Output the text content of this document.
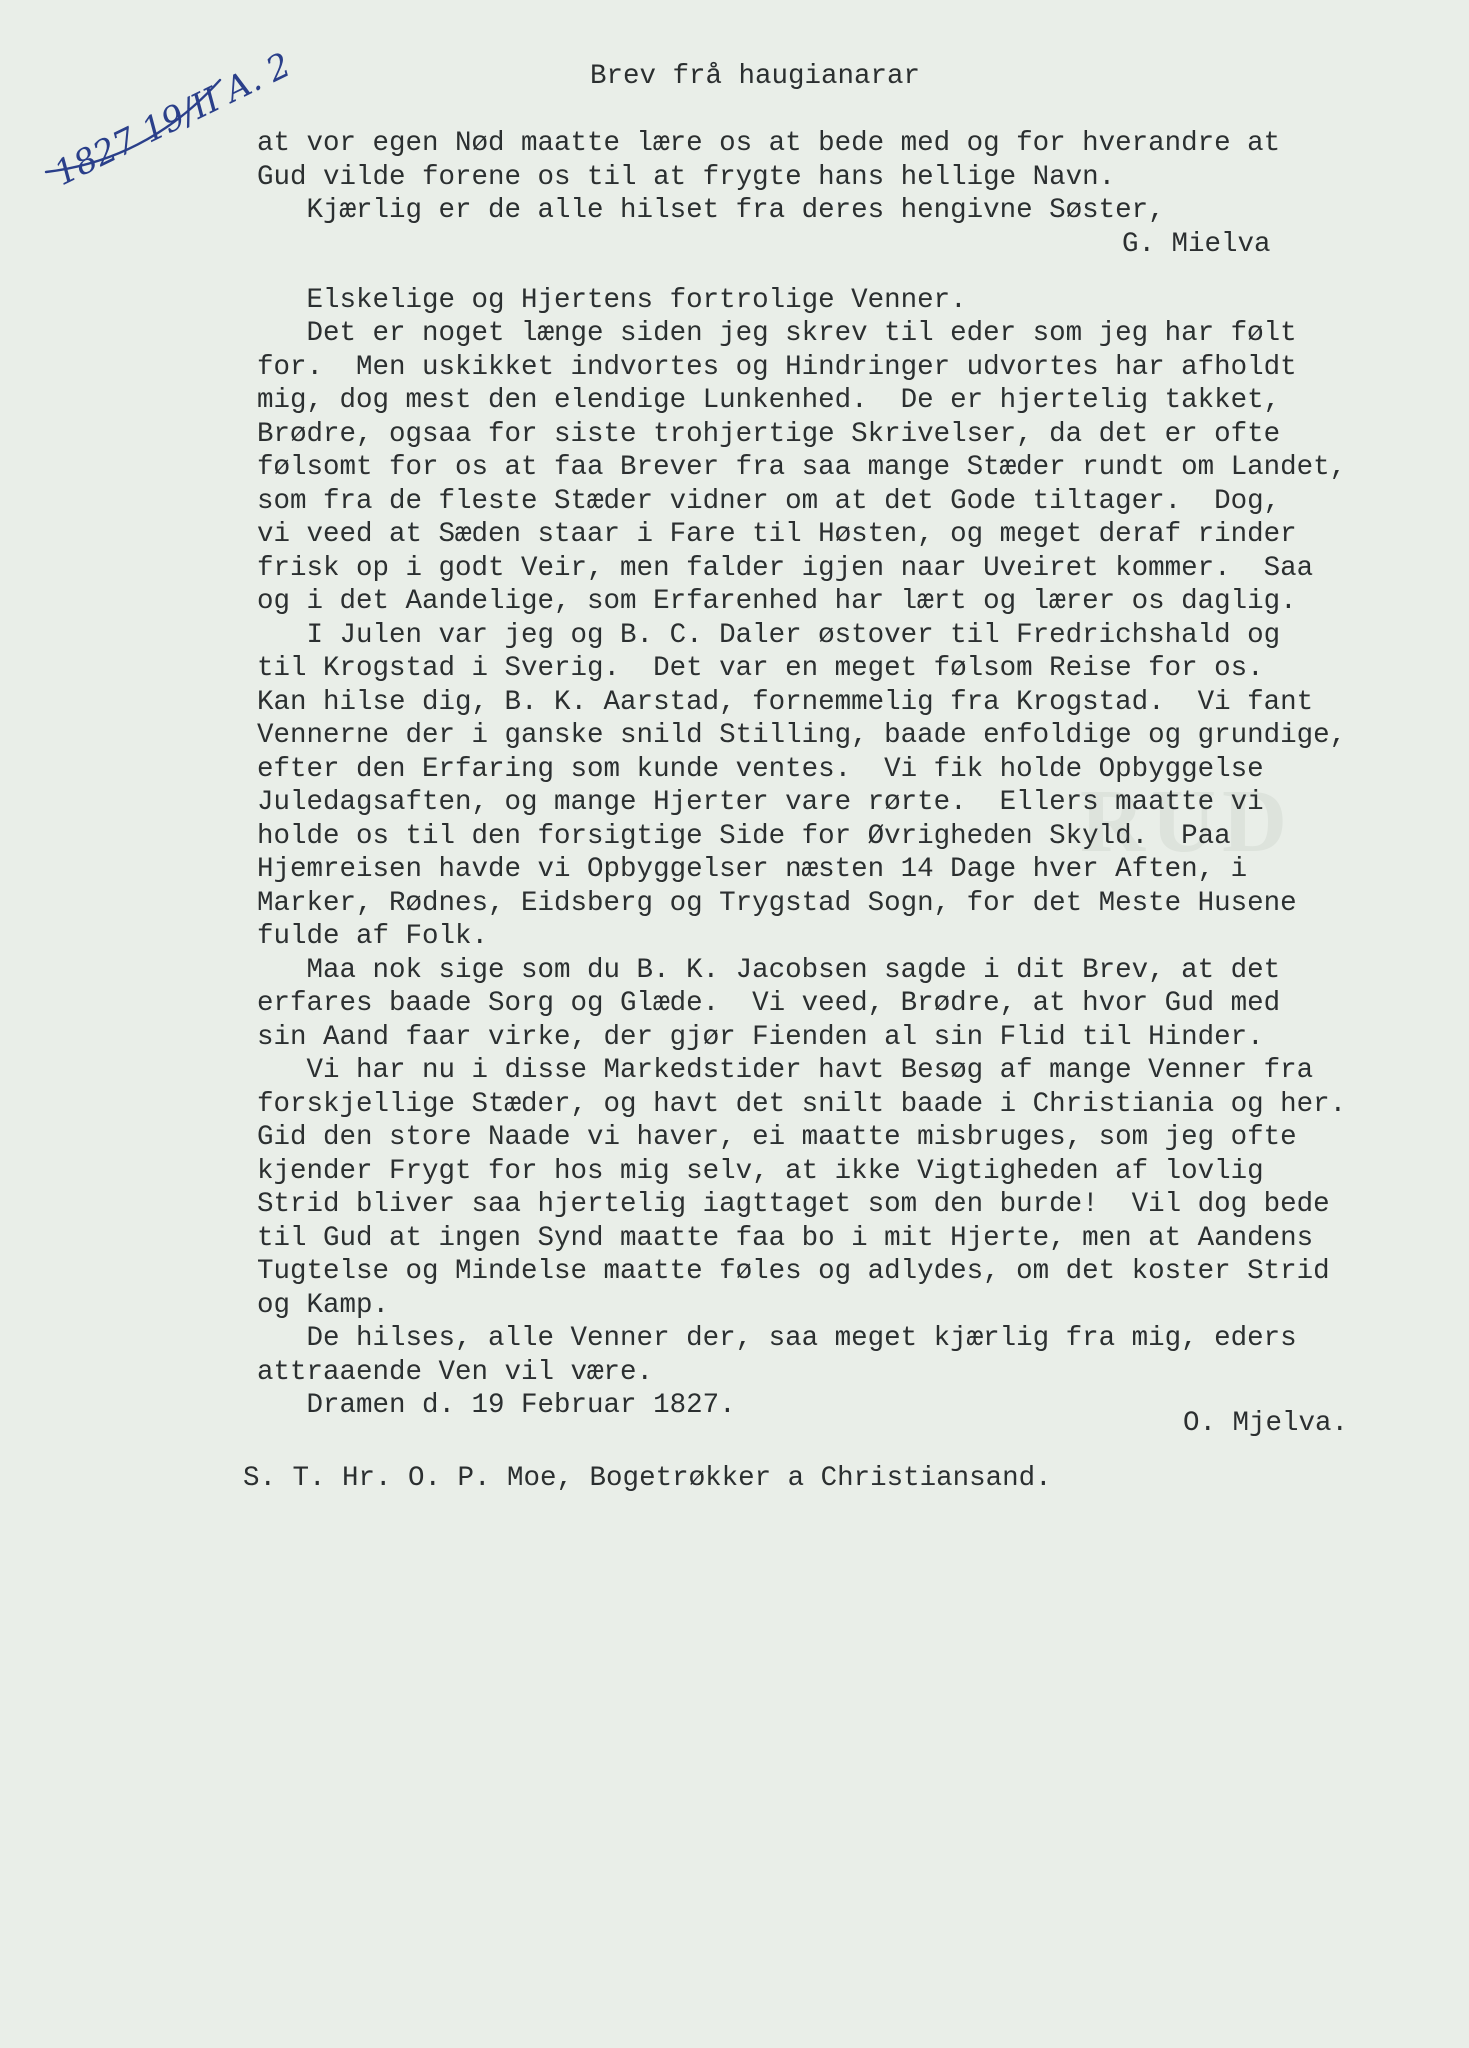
RUD
1827 19/II A. 2	Brev frå haugianarar
at vor egen Nød maatte lære os at bede med og for hverandre at
Gud vilde forene os til at frygte hans hellige Navn.
Kjærlig er de alle hilset fra deres hengivne Søster,
G. Mielva
Elskelige og Hjertens fortrolige Venner.
Det er noget længe siden jeg skrev til eder som jeg har følt
for.  Men uskikket indvortes og Hindringer udvortes har afholdt
mig, dog mest den elendige Lunkenhed.  De er hjertelig takket,
Brødre, ogsaa for siste trohjertige Skrivelser, da det er ofte
følsomt for os at faa Brever fra saa mange Stæder rundt om Landet,
som fra de fleste Stæder vidner om at det Gode tiltager.  Dog,
vi veed at Sæden staar i Fare til Høsten, og meget deraf rinder
frisk op i godt Veir, men falder igjen naar Uveiret kommer.  Saa
og i det Aandelige, som Erfarenhed har lært og lærer os daglig.
I Julen var jeg og B. C. Daler østover til Fredrichshald og
til Krogstad i Sverig.  Det var en meget følsom Reise for os.
Kan hilse dig, B. K. Aarstad, fornemmelig fra Krogstad.  Vi fant
Vennerne der i ganske snild Stilling, baade enfoldige og grundige,
efter den Erfaring som kunde ventes.  Vi fik holde Opbyggelse
Juledagsaften, og mange Hjerter vare rørte.  Ellers maatte vi
holde os til den forsigtige Side for Øvrigheden Skyld.  Paa
Hjemreisen havde vi Opbyggelser næsten 14 Dage hver Aften, i
Marker, Rødnes, Eidsberg og Trygstad Sogn, for det Meste Husene
fulde af Folk.
Maa nok sige som du B. K. Jacobsen sagde i dit Brev, at det
erfares baade Sorg og Glæde.  Vi veed, Brødre, at hvor Gud med
sin Aand faar virke, der gjør Fienden al sin Flid til Hinder.
Vi har nu i disse Markedstider havt Besøg af mange Venner fra
forskjellige Stæder, og havt det snilt baade i Christiania og her.
Gid den store Naade vi haver, ei maatte misbruges, som jeg ofte
kjender Frygt for hos mig selv, at ikke Vigtigheden af lovlig
Strid bliver saa hjertelig iagttaget som den burde!  Vil dog bede
til Gud at ingen Synd maatte faa bo i mit Hjerte, men at Aandens
Tugtelse og Mindelse maatte føles og adlydes, om det koster Strid
og Kamp.
De hilses, alle Venner der, saa meget kjærlig fra mig, eders
attraaende Ven vil være.
Dramen d. 19 Februar 1827.
O. Mjelva.
S. T. Hr. O. P. Moe, Bogetrøkker a Christiansand.
